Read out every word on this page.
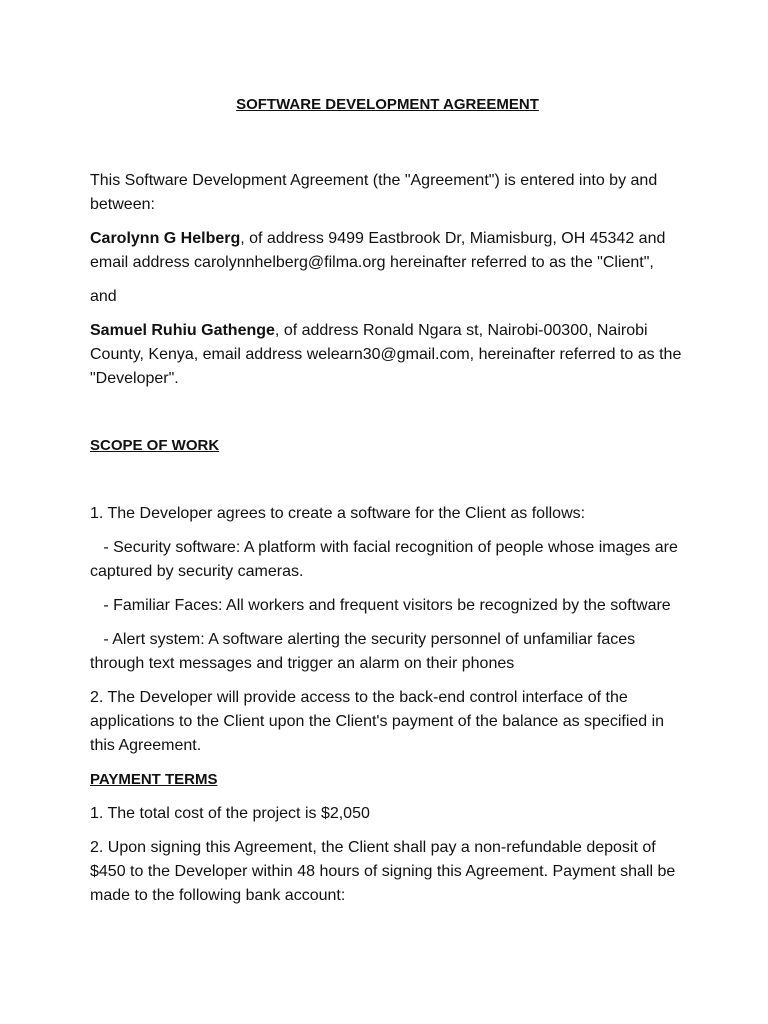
SOFTWARE DEVELOPMENT AGREEMENT

This Software Development Agreement (the "Agreement") is entered into by and between:

Carolynn G Helberg, of address 9499 Eastbrook Dr, Miamisburg, OH 45342 and email address carolynnhelberg@filma.org hereinafter referred to as the "Client",

and

Samuel Ruhiu Gathenge, of address Ronald Ngara st, Nairobi-00300, Nairobi County, Kenya, email address welearn30@gmail.com, hereinafter referred to as the "Developer".

SCOPE OF WORK

1. The Developer agrees to create a software for the Client as follows:

- Security software: A platform with facial recognition of people whose images are captured by security cameras.

- Familiar Faces: All workers and frequent visitors be recognized by the software

- Alert system: A software alerting the security personnel of unfamiliar faces through text messages and trigger an alarm on their phones

2. The Developer will provide access to the back-end control interface of the applications to the Client upon the Client's payment of the balance as specified in this Agreement.

PAYMENT TERMS

1. The total cost of the project is $2,050

2. Upon signing this Agreement, the Client shall pay a non-refundable deposit of $450 to the Developer within 48 hours of signing this Agreement. Payment shall be made to the following bank account:
